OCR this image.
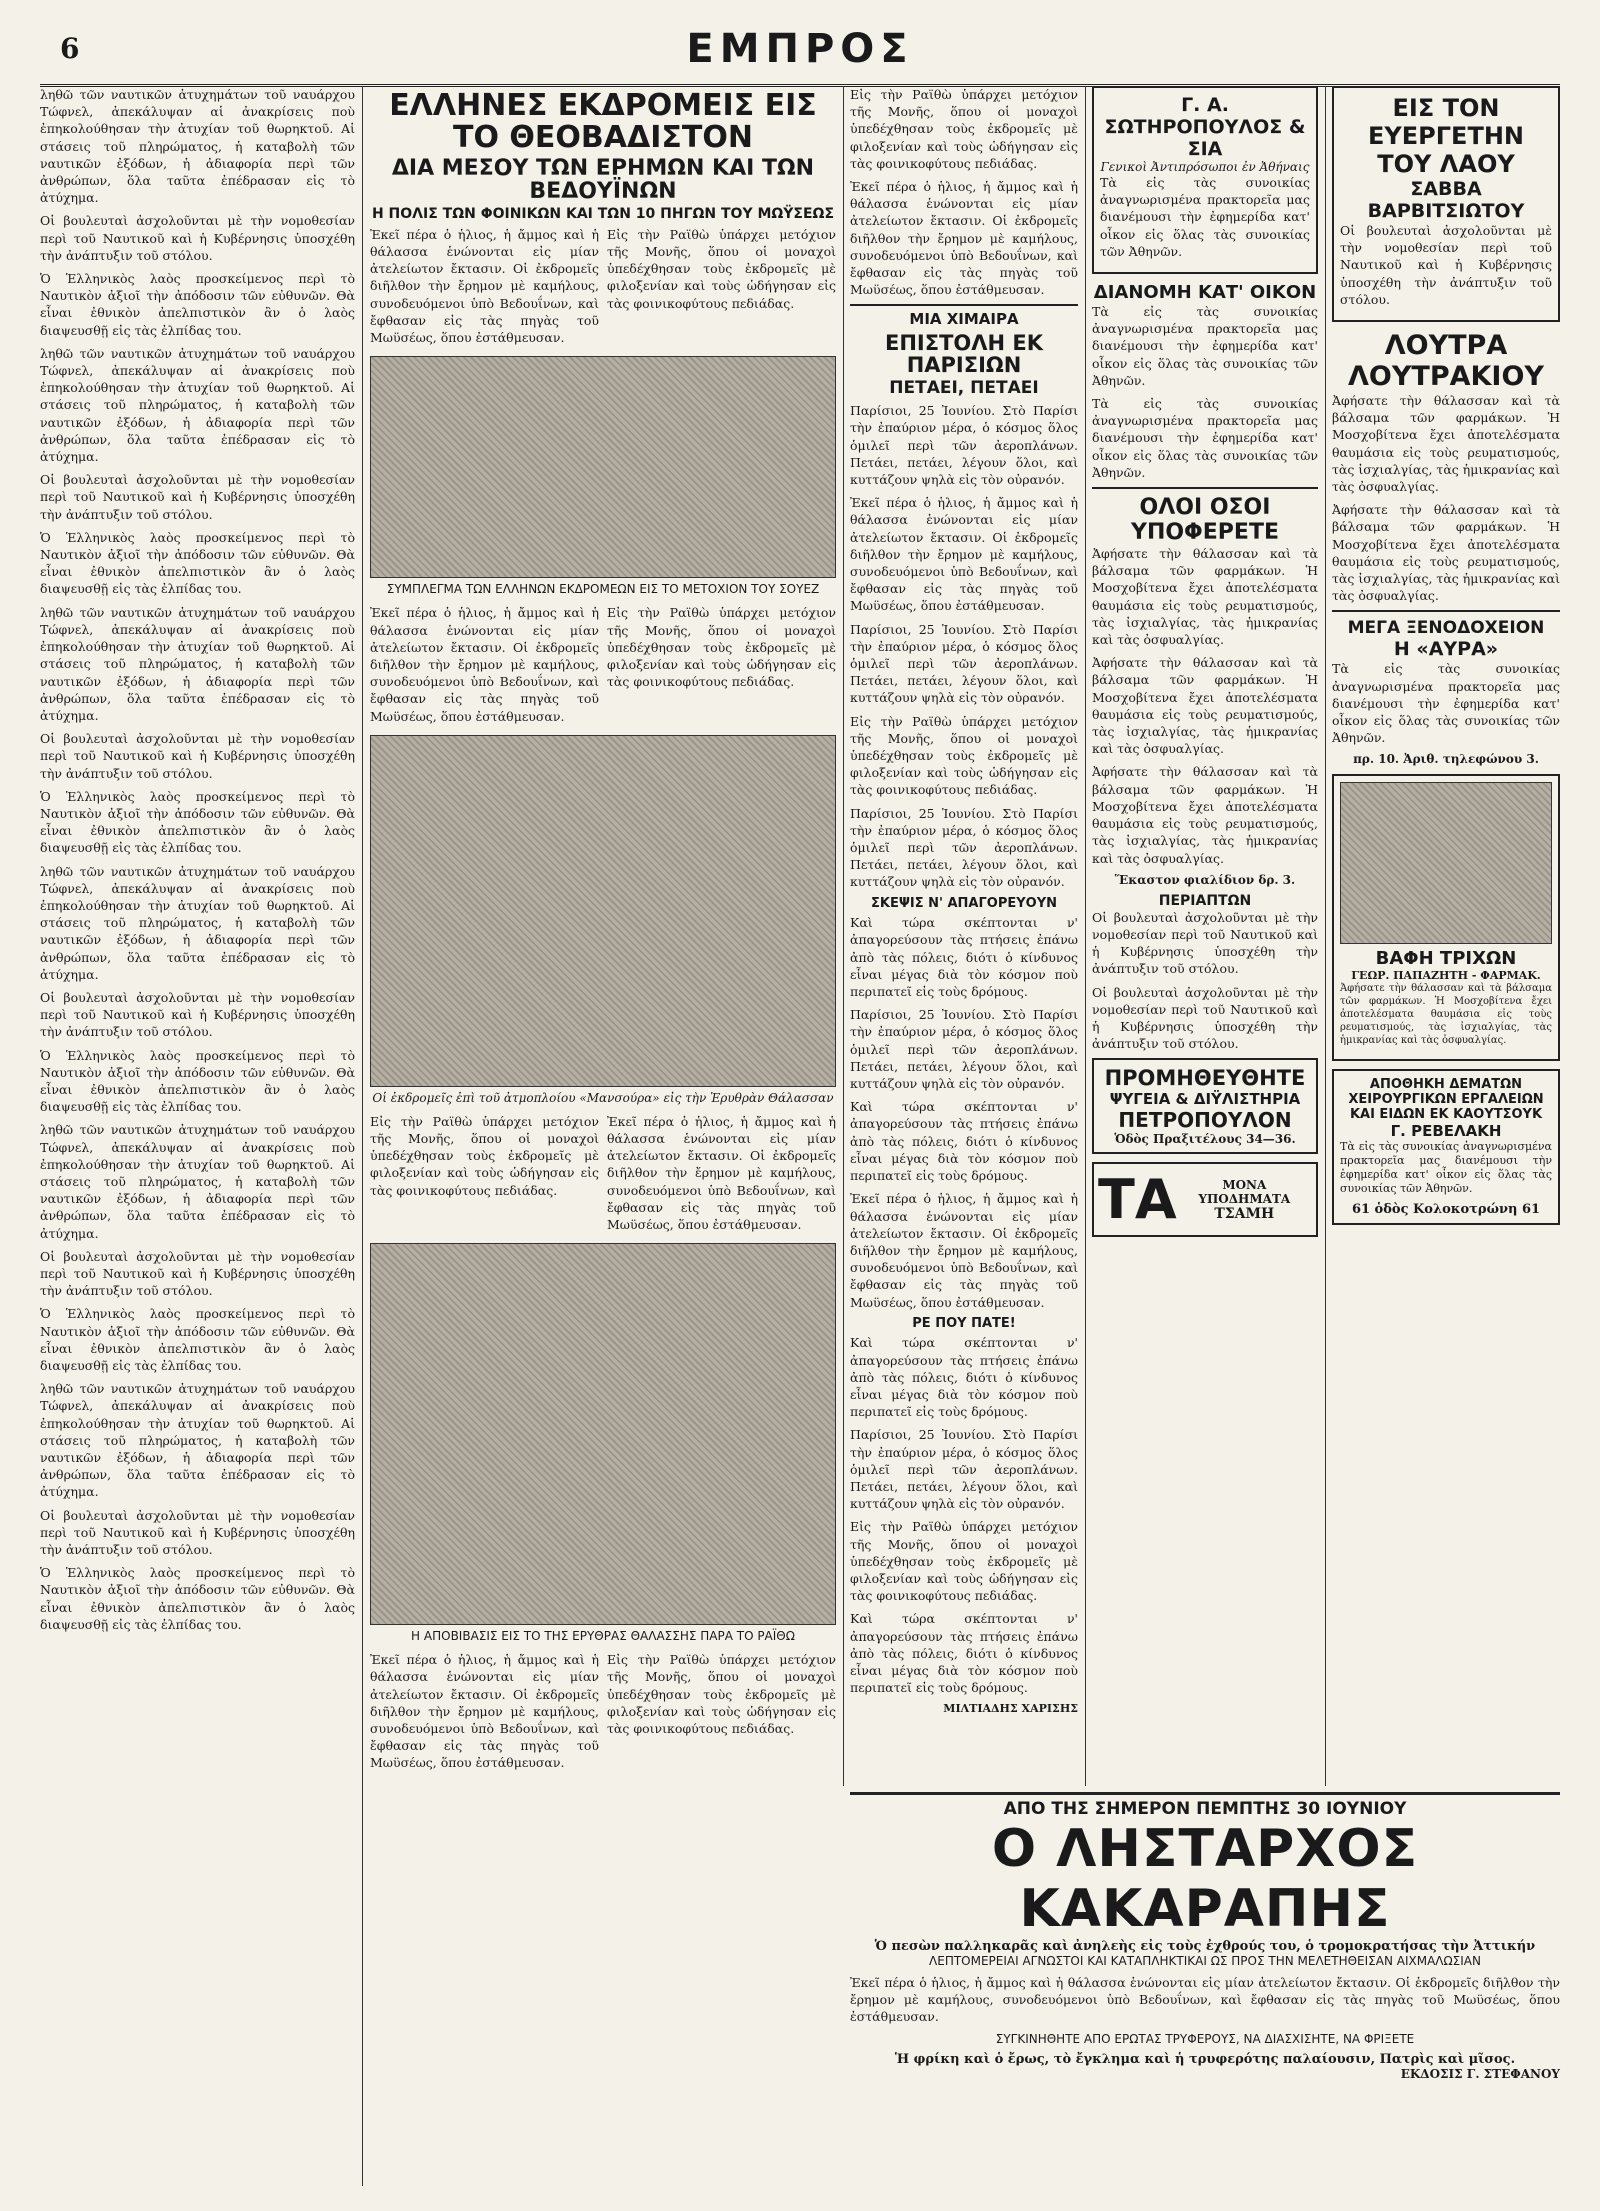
6	ΕΜΠΡΟΣ

ληθῶ τῶν ναυτικῶν ἀτυχημάτων τοῦ ναυάρχου Τώφνελ, ἀπεκάλυψαν αἱ ἀνακρίσεις ποὺ ἐπηκολούθησαν τὴν ἀτυχίαν τοῦ θωρηκτοῦ. Αἱ στάσεις τοῦ πληρώματος, ἡ καταβολὴ τῶν ναυτικῶν ἐξόδων, ἡ ἀδιαφορία περὶ τῶν ἀνθρώπων, ὅλα ταῦτα ἐπέδρασαν εἰς τὸ ἀτύχημα.

Οἱ βουλευταὶ ἀσχολοῦνται μὲ τὴν νομοθεσίαν περὶ τοῦ Ναυτικοῦ καὶ ἡ Κυβέρνησις ὑποσχέθη τὴν ἀνάπτυξιν τοῦ στόλου.

Ὁ Ἑλληνικὸς λαὸς προσκείμενος περὶ τὸ Ναυτικὸν ἀξιοῖ τὴν ἀπόδοσιν τῶν εὐθυνῶν. Θὰ εἶναι ἐθνικὸν ἀπελπιστικὸν ἂν ὁ λαὸς διαψευσθῇ εἰς τὰς ἐλπίδας του.

ληθῶ τῶν ναυτικῶν ἀτυχημάτων τοῦ ναυάρχου Τώφνελ, ἀπεκάλυψαν αἱ ἀνακρίσεις ποὺ ἐπηκολούθησαν τὴν ἀτυχίαν τοῦ θωρηκτοῦ. Αἱ στάσεις τοῦ πληρώματος, ἡ καταβολὴ τῶν ναυτικῶν ἐξόδων, ἡ ἀδιαφορία περὶ τῶν ἀνθρώπων, ὅλα ταῦτα ἐπέδρασαν εἰς τὸ ἀτύχημα.

Οἱ βουλευταὶ ἀσχολοῦνται μὲ τὴν νομοθεσίαν περὶ τοῦ Ναυτικοῦ καὶ ἡ Κυβέρνησις ὑποσχέθη τὴν ἀνάπτυξιν τοῦ στόλου.

Ὁ Ἑλληνικὸς λαὸς προσκείμενος περὶ τὸ Ναυτικὸν ἀξιοῖ τὴν ἀπόδοσιν τῶν εὐθυνῶν. Θὰ εἶναι ἐθνικὸν ἀπελπιστικὸν ἂν ὁ λαὸς διαψευσθῇ εἰς τὰς ἐλπίδας του.

ληθῶ τῶν ναυτικῶν ἀτυχημάτων τοῦ ναυάρχου Τώφνελ, ἀπεκάλυψαν αἱ ἀνακρίσεις ποὺ ἐπηκολούθησαν τὴν ἀτυχίαν τοῦ θωρηκτοῦ. Αἱ στάσεις τοῦ πληρώματος, ἡ καταβολὴ τῶν ναυτικῶν ἐξόδων, ἡ ἀδιαφορία περὶ τῶν ἀνθρώπων, ὅλα ταῦτα ἐπέδρασαν εἰς τὸ ἀτύχημα.

Οἱ βουλευταὶ ἀσχολοῦνται μὲ τὴν νομοθεσίαν περὶ τοῦ Ναυτικοῦ καὶ ἡ Κυβέρνησις ὑποσχέθη τὴν ἀνάπτυξιν τοῦ στόλου.

Ὁ Ἑλληνικὸς λαὸς προσκείμενος περὶ τὸ Ναυτικὸν ἀξιοῖ τὴν ἀπόδοσιν τῶν εὐθυνῶν. Θὰ εἶναι ἐθνικὸν ἀπελπιστικὸν ἂν ὁ λαὸς διαψευσθῇ εἰς τὰς ἐλπίδας του.

ληθῶ τῶν ναυτικῶν ἀτυχημάτων τοῦ ναυάρχου Τώφνελ, ἀπεκάλυψαν αἱ ἀνακρίσεις ποὺ ἐπηκολούθησαν τὴν ἀτυχίαν τοῦ θωρηκτοῦ. Αἱ στάσεις τοῦ πληρώματος, ἡ καταβολὴ τῶν ναυτικῶν ἐξόδων, ἡ ἀδιαφορία περὶ τῶν ἀνθρώπων, ὅλα ταῦτα ἐπέδρασαν εἰς τὸ ἀτύχημα.

Οἱ βουλευταὶ ἀσχολοῦνται μὲ τὴν νομοθεσίαν περὶ τοῦ Ναυτικοῦ καὶ ἡ Κυβέρνησις ὑποσχέθη τὴν ἀνάπτυξιν τοῦ στόλου.

Ὁ Ἑλληνικὸς λαὸς προσκείμενος περὶ τὸ Ναυτικὸν ἀξιοῖ τὴν ἀπόδοσιν τῶν εὐθυνῶν. Θὰ εἶναι ἐθνικὸν ἀπελπιστικὸν ἂν ὁ λαὸς διαψευσθῇ εἰς τὰς ἐλπίδας του.

ληθῶ τῶν ναυτικῶν ἀτυχημάτων τοῦ ναυάρχου Τώφνελ, ἀπεκάλυψαν αἱ ἀνακρίσεις ποὺ ἐπηκολούθησαν τὴν ἀτυχίαν τοῦ θωρηκτοῦ. Αἱ στάσεις τοῦ πληρώματος, ἡ καταβολὴ τῶν ναυτικῶν ἐξόδων, ἡ ἀδιαφορία περὶ τῶν ἀνθρώπων, ὅλα ταῦτα ἐπέδρασαν εἰς τὸ ἀτύχημα.

Οἱ βουλευταὶ ἀσχολοῦνται μὲ τὴν νομοθεσίαν περὶ τοῦ Ναυτικοῦ καὶ ἡ Κυβέρνησις ὑποσχέθη τὴν ἀνάπτυξιν τοῦ στόλου.

Ὁ Ἑλληνικὸς λαὸς προσκείμενος περὶ τὸ Ναυτικὸν ἀξιοῖ τὴν ἀπόδοσιν τῶν εὐθυνῶν. Θὰ εἶναι ἐθνικὸν ἀπελπιστικὸν ἂν ὁ λαὸς διαψευσθῇ εἰς τὰς ἐλπίδας του.

ληθῶ τῶν ναυτικῶν ἀτυχημάτων τοῦ ναυάρχου Τώφνελ, ἀπεκάλυψαν αἱ ἀνακρίσεις ποὺ ἐπηκολούθησαν τὴν ἀτυχίαν τοῦ θωρηκτοῦ. Αἱ στάσεις τοῦ πληρώματος, ἡ καταβολὴ τῶν ναυτικῶν ἐξόδων, ἡ ἀδιαφορία περὶ τῶν ἀνθρώπων, ὅλα ταῦτα ἐπέδρασαν εἰς τὸ ἀτύχημα.

Οἱ βουλευταὶ ἀσχολοῦνται μὲ τὴν νομοθεσίαν περὶ τοῦ Ναυτικοῦ καὶ ἡ Κυβέρνησις ὑποσχέθη τὴν ἀνάπτυξιν τοῦ στόλου.

Ὁ Ἑλληνικὸς λαὸς προσκείμενος περὶ τὸ Ναυτικὸν ἀξιοῖ τὴν ἀπόδοσιν τῶν εὐθυνῶν. Θὰ εἶναι ἐθνικὸν ἀπελπιστικὸν ἂν ὁ λαὸς διαψευσθῇ εἰς τὰς ἐλπίδας του.

ΕΛΛΗΝΕΣ ΕΚΔΡΟΜΕΙΣ ΕΙΣ ΤΟ ΘΕΟΒΑΔΙΣΤΟΝ
ΔΙΑ ΜΕΣΟΥ ΤΩΝ ΕΡΗΜΩΝ ΚΑΙ ΤΩΝ ΒΕΔΟΥΪΝΩΝ
Η ΠΟΛΙΣ ΤΩΝ ΦΟΙΝΙΚΩΝ ΚΑΙ ΤΩΝ 10 ΠΗΓΩΝ ΤΟΥ ΜΩΫΣΕΩΣ

Ἐκεῖ πέρα ὁ ἡλιος, ἡ ἄμμος καὶ ἡ θάλασσα ἑνώνονται εἰς μίαν ἀτελείωτον ἔκτασιν. Οἱ ἐκδρομεῖς διῆλθον τὴν ἔρημον μὲ καμήλους, συνοδευόμενοι ὑπὸ Βεδουΐνων, καὶ ἔφθασαν εἰς τὰς πηγὰς τοῦ Μωϋσέως, ὅπου ἐστάθμευσαν.

Εἰς τὴν Ραϊθὼ ὑπάρχει μετόχιον τῆς Μονῆς, ὅπου οἱ μοναχοὶ ὑπεδέχθησαν τοὺς ἐκδρομεῖς μὲ φιλοξενίαν καὶ τοὺς ὡδήγησαν εἰς τὰς φοινικοφύτους πεδιάδας.

ΣΥΜΠΛΕΓΜΑ ΤΩΝ ΕΛΛΗΝΩΝ ΕΚΔΡΟΜΕΩΝ ΕΙΣ ΤΟ ΜΕΤΟΧΙΟΝ ΤΟΥ ΣΟΥΕΖ

Ἐκεῖ πέρα ὁ ἡλιος, ἡ ἄμμος καὶ ἡ θάλασσα ἑνώνονται εἰς μίαν ἀτελείωτον ἔκτασιν. Οἱ ἐκδρομεῖς διῆλθον τὴν ἔρημον μὲ καμήλους, συνοδευόμενοι ὑπὸ Βεδουΐνων, καὶ ἔφθασαν εἰς τὰς πηγὰς τοῦ Μωϋσέως, ὅπου ἐστάθμευσαν.

Εἰς τὴν Ραϊθὼ ὑπάρχει μετόχιον τῆς Μονῆς, ὅπου οἱ μοναχοὶ ὑπεδέχθησαν τοὺς ἐκδρομεῖς μὲ φιλοξενίαν καὶ τοὺς ὡδήγησαν εἰς τὰς φοινικοφύτους πεδιάδας.

Οἱ ἐκδρομεῖς ἐπὶ τοῦ ἀτμοπλοίου «Μανσούρα» εἰς τὴν Ἐρυθρὰν Θάλασσαν

Εἰς τὴν Ραϊθὼ ὑπάρχει μετόχιον τῆς Μονῆς, ὅπου οἱ μοναχοὶ ὑπεδέχθησαν τοὺς ἐκδρομεῖς μὲ φιλοξενίαν καὶ τοὺς ὡδήγησαν εἰς τὰς φοινικοφύτους πεδιάδας.

Ἐκεῖ πέρα ὁ ἡλιος, ἡ ἄμμος καὶ ἡ θάλασσα ἑνώνονται εἰς μίαν ἀτελείωτον ἔκτασιν. Οἱ ἐκδρομεῖς διῆλθον τὴν ἔρημον μὲ καμήλους, συνοδευόμενοι ὑπὸ Βεδουΐνων, καὶ ἔφθασαν εἰς τὰς πηγὰς τοῦ Μωϋσέως, ὅπου ἐστάθμευσαν.

Η ΑΠΟΒΙΒΑΣΙΣ ΕΙΣ ΤΟ ΤΗΣ ΕΡΥΘΡΑΣ ΘΑΛΑΣΣΗΣ ΠΑΡΑ ΤΟ ΡΑΪΘΩ

Ἐκεῖ πέρα ὁ ἡλιος, ἡ ἄμμος καὶ ἡ θάλασσα ἑνώνονται εἰς μίαν ἀτελείωτον ἔκτασιν. Οἱ ἐκδρομεῖς διῆλθον τὴν ἔρημον μὲ καμήλους, συνοδευόμενοι ὑπὸ Βεδουΐνων, καὶ ἔφθασαν εἰς τὰς πηγὰς τοῦ Μωϋσέως, ὅπου ἐστάθμευσαν.

Εἰς τὴν Ραϊθὼ ὑπάρχει μετόχιον τῆς Μονῆς, ὅπου οἱ μοναχοὶ ὑπεδέχθησαν τοὺς ἐκδρομεῖς μὲ φιλοξενίαν καὶ τοὺς ὡδήγησαν εἰς τὰς φοινικοφύτους πεδιάδας.

Εἰς τὴν Ραϊθὼ ὑπάρχει μετόχιον τῆς Μονῆς, ὅπου οἱ μοναχοὶ ὑπεδέχθησαν τοὺς ἐκδρομεῖς μὲ φιλοξενίαν καὶ τοὺς ὡδήγησαν εἰς τὰς φοινικοφύτους πεδιάδας.

Ἐκεῖ πέρα ὁ ἡλιος, ἡ ἄμμος καὶ ἡ θάλασσα ἑνώνονται εἰς μίαν ἀτελείωτον ἔκτασιν. Οἱ ἐκδρομεῖς διῆλθον τὴν ἔρημον μὲ καμήλους, συνοδευόμενοι ὑπὸ Βεδουΐνων, καὶ ἔφθασαν εἰς τὰς πηγὰς τοῦ Μωϋσέως, ὅπου ἐστάθμευσαν.

ΜΙΑ ΧΙΜΑΙΡΑ
ΕΠΙΣΤΟΛΗ ΕΚ ΠΑΡΙΣΙΩΝ
ΠΕΤΑΕΙ, ΠΕΤΑΕΙ

Παρίσιοι, 25 Ἰουνίου. Στὸ Παρίσι τὴν ἐπαύριον μέρα, ὁ κόσμος ὅλος ὁμιλεῖ περὶ τῶν ἀεροπλάνων. Πετάει, πετάει, λέγουν ὅλοι, καὶ κυττάζουν ψηλὰ εἰς τὸν οὐρανόν.

Ἐκεῖ πέρα ὁ ἡλιος, ἡ ἄμμος καὶ ἡ θάλασσα ἑνώνονται εἰς μίαν ἀτελείωτον ἔκτασιν. Οἱ ἐκδρομεῖς διῆλθον τὴν ἔρημον μὲ καμήλους, συνοδευόμενοι ὑπὸ Βεδουΐνων, καὶ ἔφθασαν εἰς τὰς πηγὰς τοῦ Μωϋσέως, ὅπου ἐστάθμευσαν.

Παρίσιοι, 25 Ἰουνίου. Στὸ Παρίσι τὴν ἐπαύριον μέρα, ὁ κόσμος ὅλος ὁμιλεῖ περὶ τῶν ἀεροπλάνων. Πετάει, πετάει, λέγουν ὅλοι, καὶ κυττάζουν ψηλὰ εἰς τὸν οὐρανόν.

Εἰς τὴν Ραϊθὼ ὑπάρχει μετόχιον τῆς Μονῆς, ὅπου οἱ μοναχοὶ ὑπεδέχθησαν τοὺς ἐκδρομεῖς μὲ φιλοξενίαν καὶ τοὺς ὡδήγησαν εἰς τὰς φοινικοφύτους πεδιάδας.

Παρίσιοι, 25 Ἰουνίου. Στὸ Παρίσι τὴν ἐπαύριον μέρα, ὁ κόσμος ὅλος ὁμιλεῖ περὶ τῶν ἀεροπλάνων. Πετάει, πετάει, λέγουν ὅλοι, καὶ κυττάζουν ψηλὰ εἰς τὸν οὐρανόν.

ΣΚΕΨΙΣ Ν' ΑΠΑΓΟΡΕΥΟΥΝ

Καὶ τώρα σκέπτονται ν' ἀπαγορεύσουν τὰς πτήσεις ἐπάνω ἀπὸ τὰς πόλεις, διότι ὁ κίνδυνος εἶναι μέγας διὰ τὸν κόσμον ποὺ περιπατεῖ εἰς τοὺς δρόμους.

Παρίσιοι, 25 Ἰουνίου. Στὸ Παρίσι τὴν ἐπαύριον μέρα, ὁ κόσμος ὅλος ὁμιλεῖ περὶ τῶν ἀεροπλάνων. Πετάει, πετάει, λέγουν ὅλοι, καὶ κυττάζουν ψηλὰ εἰς τὸν οὐρανόν.

Καὶ τώρα σκέπτονται ν' ἀπαγορεύσουν τὰς πτήσεις ἐπάνω ἀπὸ τὰς πόλεις, διότι ὁ κίνδυνος εἶναι μέγας διὰ τὸν κόσμον ποὺ περιπατεῖ εἰς τοὺς δρόμους.

Ἐκεῖ πέρα ὁ ἡλιος, ἡ ἄμμος καὶ ἡ θάλασσα ἑνώνονται εἰς μίαν ἀτελείωτον ἔκτασιν. Οἱ ἐκδρομεῖς διῆλθον τὴν ἔρημον μὲ καμήλους, συνοδευόμενοι ὑπὸ Βεδουΐνων, καὶ ἔφθασαν εἰς τὰς πηγὰς τοῦ Μωϋσέως, ὅπου ἐστάθμευσαν.

ΡΕ ΠΟΥ ΠΑΤΕ!

Καὶ τώρα σκέπτονται ν' ἀπαγορεύσουν τὰς πτήσεις ἐπάνω ἀπὸ τὰς πόλεις, διότι ὁ κίνδυνος εἶναι μέγας διὰ τὸν κόσμον ποὺ περιπατεῖ εἰς τοὺς δρόμους.

Παρίσιοι, 25 Ἰουνίου. Στὸ Παρίσι τὴν ἐπαύριον μέρα, ὁ κόσμος ὅλος ὁμιλεῖ περὶ τῶν ἀεροπλάνων. Πετάει, πετάει, λέγουν ὅλοι, καὶ κυττάζουν ψηλὰ εἰς τὸν οὐρανόν.

Εἰς τὴν Ραϊθὼ ὑπάρχει μετόχιον τῆς Μονῆς, ὅπου οἱ μοναχοὶ ὑπεδέχθησαν τοὺς ἐκδρομεῖς μὲ φιλοξενίαν καὶ τοὺς ὡδήγησαν εἰς τὰς φοινικοφύτους πεδιάδας.

Καὶ τώρα σκέπτονται ν' ἀπαγορεύσουν τὰς πτήσεις ἐπάνω ἀπὸ τὰς πόλεις, διότι ὁ κίνδυνος εἶναι μέγας διὰ τὸν κόσμον ποὺ περιπατεῖ εἰς τοὺς δρόμους.

ΜΙΛΤΙΑΔΗΣ ΧΑΡΙΣΗΣ
Γ. Α. ΣΩΤΗΡΟΠΟΥΛΟΣ & ΣΙΑ
Γενικοὶ Ἀντιπρόσωποι ἐν Ἀθήναις

Τὰ εἰς τὰς συνοικίας ἀναγνωρισμένα πρακτορεῖα μας διανέμουσι τὴν ἐφημερίδα κατ' οἶκον εἰς ὅλας τὰς συνοικίας τῶν Ἀθηνῶν.

ΔΙΑΝΟΜΗ ΚΑΤ' ΟΙΚΟΝ

Τὰ εἰς τὰς συνοικίας ἀναγνωρισμένα πρακτορεῖα μας διανέμουσι τὴν ἐφημερίδα κατ' οἶκον εἰς ὅλας τὰς συνοικίας τῶν Ἀθηνῶν.

Τὰ εἰς τὰς συνοικίας ἀναγνωρισμένα πρακτορεῖα μας διανέμουσι τὴν ἐφημερίδα κατ' οἶκον εἰς ὅλας τὰς συνοικίας τῶν Ἀθηνῶν.

ΟΛΟΙ ΟΣΟΙ ΥΠΟΦΕΡΕΤΕ

Ἀφήσατε τὴν θάλασσαν καὶ τὰ βάλσαμα τῶν φαρμάκων. Ἡ Μοσχοβίτενα ἔχει ἀποτελέσματα θαυμάσια εἰς τοὺς ρευματισμούς, τὰς ἰσχιαλγίας, τὰς ἡμικρανίας καὶ τὰς ὀσφυαλγίας.

Ἀφήσατε τὴν θάλασσαν καὶ τὰ βάλσαμα τῶν φαρμάκων. Ἡ Μοσχοβίτενα ἔχει ἀποτελέσματα θαυμάσια εἰς τοὺς ρευματισμούς, τὰς ἰσχιαλγίας, τὰς ἡμικρανίας καὶ τὰς ὀσφυαλγίας.

Ἀφήσατε τὴν θάλασσαν καὶ τὰ βάλσαμα τῶν φαρμάκων. Ἡ Μοσχοβίτενα ἔχει ἀποτελέσματα θαυμάσια εἰς τοὺς ρευματισμούς, τὰς ἰσχιαλγίας, τὰς ἡμικρανίας καὶ τὰς ὀσφυαλγίας.

Ἕκαστον φιαλίδιον δρ. 3.
ΠΕΡΙΑΠΤΩΝ

Οἱ βουλευταὶ ἀσχολοῦνται μὲ τὴν νομοθεσίαν περὶ τοῦ Ναυτικοῦ καὶ ἡ Κυβέρνησις ὑποσχέθη τὴν ἀνάπτυξιν τοῦ στόλου.

Οἱ βουλευταὶ ἀσχολοῦνται μὲ τὴν νομοθεσίαν περὶ τοῦ Ναυτικοῦ καὶ ἡ Κυβέρνησις ὑποσχέθη τὴν ἀνάπτυξιν τοῦ στόλου.

ΠΡΟΜΗΘΕΥΘΗΤΕ
ΨΥΓΕΙΑ & ΔΙΫΛΙΣΤΗΡΙΑ
ΠΕΤΡΟΠΟΥΛΟΝ
Ὁδὸς Πραξιτέλους 34—36.
ΤΑ	ΜΟΝΑ ΥΠΟΔΗΜΑΤΑ
ΤΣΑΜΗ
ΕΙΣ ΤΟΝ ΕΥΕΡΓΕΤΗΝ ΤΟΥ ΛΑΟΥ
ΣΑΒΒΑ ΒΑΡΒΙΤΣΙΩΤΟΥ

Οἱ βουλευταὶ ἀσχολοῦνται μὲ τὴν νομοθεσίαν περὶ τοῦ Ναυτικοῦ καὶ ἡ Κυβέρνησις ὑποσχέθη τὴν ἀνάπτυξιν τοῦ στόλου.

ΛΟΥΤΡΑ ΛΟΥΤΡΑΚΙΟΥ

Ἀφήσατε τὴν θάλασσαν καὶ τὰ βάλσαμα τῶν φαρμάκων. Ἡ Μοσχοβίτενα ἔχει ἀποτελέσματα θαυμάσια εἰς τοὺς ρευματισμούς, τὰς ἰσχιαλγίας, τὰς ἡμικρανίας καὶ τὰς ὀσφυαλγίας.

Ἀφήσατε τὴν θάλασσαν καὶ τὰ βάλσαμα τῶν φαρμάκων. Ἡ Μοσχοβίτενα ἔχει ἀποτελέσματα θαυμάσια εἰς τοὺς ρευματισμούς, τὰς ἰσχιαλγίας, τὰς ἡμικρανίας καὶ τὰς ὀσφυαλγίας.

ΜΕΓΑ ΞΕΝΟΔΟΧΕΙΟΝ
Η «ΑΥΡΑ»

Τὰ εἰς τὰς συνοικίας ἀναγνωρισμένα πρακτορεῖα μας διανέμουσι τὴν ἐφημερίδα κατ' οἶκον εἰς ὅλας τὰς συνοικίας τῶν Ἀθηνῶν.

πρ. 10. Ἀριθ. τηλεφώνου 3.
ΒΑΦΗ ΤΡΙΧΩΝ
ΓΕΩΡ. ΠΑΠΑΖΗΤΗ - ΦΑΡΜΑΚ.

Ἀφήσατε τὴν θάλασσαν καὶ τὰ βάλσαμα τῶν φαρμάκων. Ἡ Μοσχοβίτενα ἔχει ἀποτελέσματα θαυμάσια εἰς τοὺς ρευματισμούς, τὰς ἰσχιαλγίας, τὰς ἡμικρανίας καὶ τὰς ὀσφυαλγίας.

ΑΠΟΘΗΚΗ ΔΕΜΑΤΩΝ ΧΕΙΡΟΥΡΓΙΚΩΝ ΕΡΓΑΛΕΙΩΝ ΚΑΙ ΕΙΔΩΝ ΕΚ ΚΑΟΥΤΣΟΥΚ
Γ. ΡΕΒΕΛΑΚΗ

Τὰ εἰς τὰς συνοικίας ἀναγνωρισμένα πρακτορεῖα μας διανέμουσι τὴν ἐφημερίδα κατ' οἶκον εἰς ὅλας τὰς συνοικίας τῶν Ἀθηνῶν.

61 ὁδὸς Κολοκοτρώνη 61
ΑΠΟ ΤΗΣ ΣΗΜΕΡΟΝ ΠΕΜΠΤΗΣ 30 ΙΟΥΝΙΟΥ
Ο ΛΗΣΤΑΡΧΟΣ ΚΑΚΑΡΑΠΗΣ
Ὁ πεσὼν παλληκαρᾶς καὶ ἀνηλεὴς εἰς τοὺς ἐχθρούς του, ὁ τρομοκρατήσας τὴν Ἀττικήν
ΛΕΠΤΟΜΕΡΕΙΑΙ ΑΓΝΩΣΤΟΙ ΚΑΙ ΚΑΤΑΠΛΗΚΤΙΚΑΙ ΩΣ ΠΡΟΣ ΤΗΝ ΜΕΛΕΤΗΘΕΙΣΑΝ ΑΙΧΜΑΛΩΣΙΑΝ

Ἐκεῖ πέρα ὁ ἡλιος, ἡ ἄμμος καὶ ἡ θάλασσα ἑνώνονται εἰς μίαν ἀτελείωτον ἔκτασιν. Οἱ ἐκδρομεῖς διῆλθον τὴν ἔρημον μὲ καμήλους, συνοδευόμενοι ὑπὸ Βεδουΐνων, καὶ ἔφθασαν εἰς τὰς πηγὰς τοῦ Μωϋσέως, ὅπου ἐστάθμευσαν.

ΣΥΓΚΙΝΗΘΗΤΕ ΑΠΟ ΕΡΩΤΑΣ ΤΡΥΦΕΡΟΥΣ, ΝΑ ΔΙΑΣΧΙΣΗΤΕ, ΝΑ ΦΡΙΞΕΤΕ
Ἡ φρίκη καὶ ὁ ἔρως, τὸ ἔγκλημα καὶ ἡ τρυφερότης παλαίουσιν, Πατρὶς καὶ μῖσος.
ΕΚΔΟΣΙΣ Γ. ΣΤΕΦΑΝΟΥ
